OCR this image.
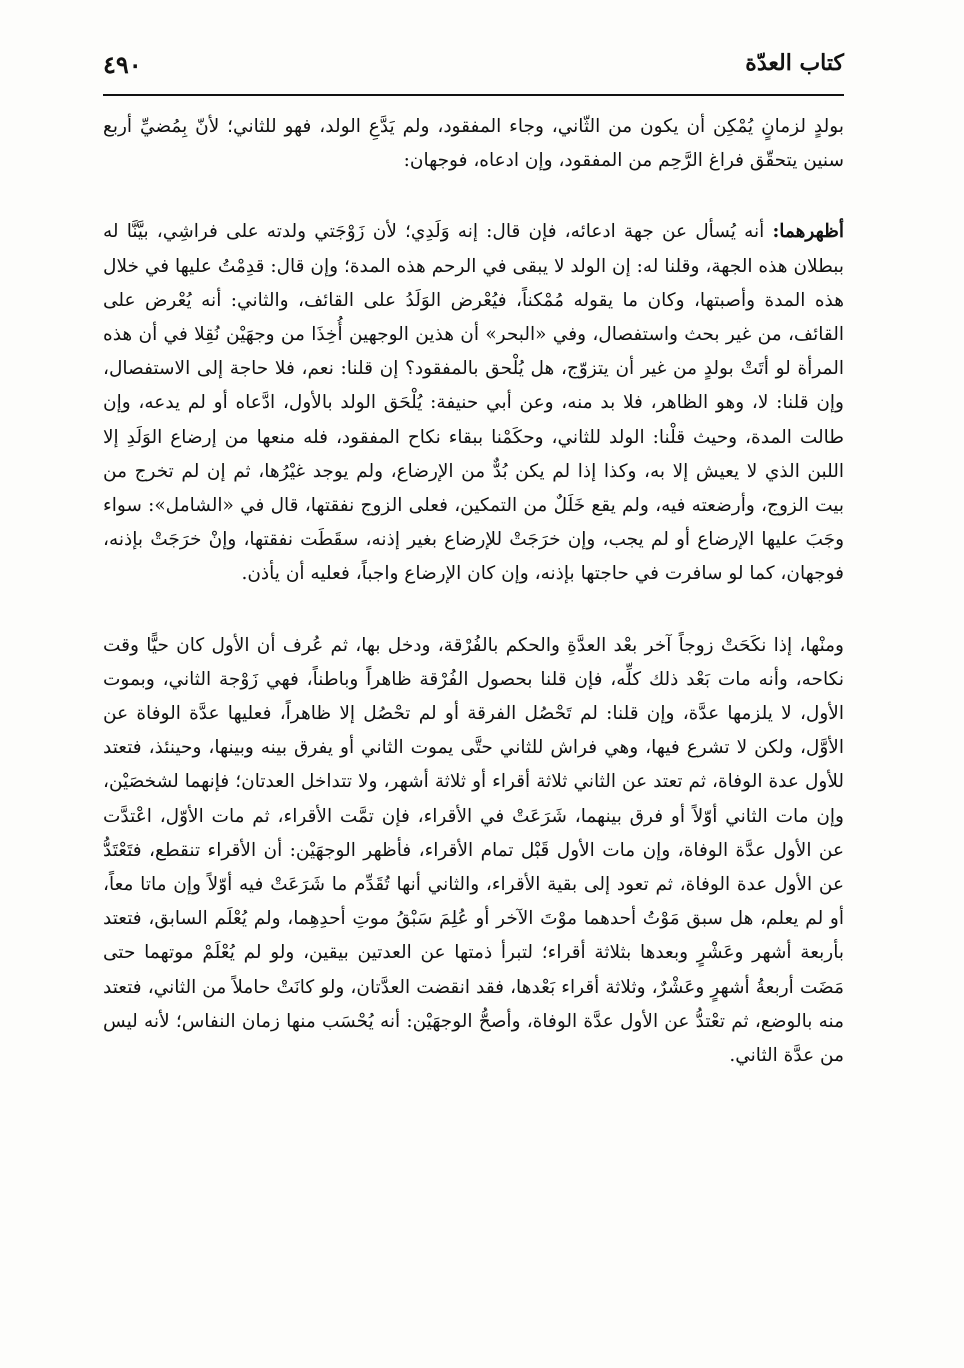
كتاب العدّة
٤٩٠

بولدٍ لزمانٍ يُمْكِن أن يكون من الثّاني، وجاء المفقود، ولم يَدَّعِ الولد، فهو للثاني؛ لأنّ بِمُضيِّ أربع سنين يتحقّق فراغ الرَّحِم من المفقود، وإن ادعاه، فوجهان:

أظهرهما: أنه يُسأل عن جهة ادعائه، فإن قال: إنه وَلَدِي؛ لأن زَوْجَتي ولدته على فراشِي، بيَّنَّا له ببطلان هذه الجهة، وقلنا له: إن الولد لا يبقى في الرحم هذه المدة؛ وإن قال: قدِمْتُ عليها في خلال هذه المدة وأصبتها، وكان ما يقوله مُمْكناً، فيُعْرض الوَلَدُ على القائف، والثاني: أنه يُعْرض على القائف، من غير بحث واستفصال، وفي «البحر» أن هذين الوجهين أُخِذَا من وجهَيْن نُقِلا في أن هذه المرأة لو أتَتْ بولدٍ من غير أن يتزوّج، هل يُلْحق بالمفقود؟ إن قلنا: نعم، فلا حاجة إلى الاستفصال، وإن قلنا: لا، وهو الظاهر، فلا بد منه، وعن أبي حنيفة: يُلْحَق الولد بالأول، ادَّعاه أو لم يدعه، وإن طالت المدة، وحيث قلْنا: الولد للثاني، وحكَمْنا ببقاء نكاح المفقود، فله منعها من إرضاع الوَلَدِ إلا اللبن الذي لا يعيش إلا به، وكذا إذا لم يكن بُدٌّ من الإرضاع، ولم يوجد غيْرُها، ثم إن لم تخرج من بيت الزوج، وأرضعته فيه، ولم يقع خَلَلٌ من التمكين، فعلى الزوج نفقتها، قال في «الشامل»: سواء وجَبَ عليها الإرضاع أو لم يجب، وإن خرَجَتْ للإرضاع بغير إذنه، سقَطَت نفقتها، وإنْ خرَجَتْ بإذنه، فوجهان، كما لو سافرت في حاجتها بإذنه، وإن كان الإرضاع واجباً، فعليه أن يأذن.

ومنْها، إذا نكَحَتْ زوجاً آخر بعْد العدَّةِ والحكم بالفُرْقة، ودخل بها، ثم عُرف أن الأول كان حيًّا وقت نكاحه، وأنه مات بَعْد ذلك كلِّه، فإن قلنا بحصول الفُرْقة ظاهراً وباطناً، فهي زَوْجة الثاني، وبموت الأول، لا يلزمها عدَّة، وإن قلنا: لم تَحْصُل الفرقة أو لم تحْصُل إلا ظاهراً، فعليها عدَّة الوفاة عن الأوَّل، ولكن لا تشرع فيها، وهي فراش للثاني حتَّى يموت الثاني أو يفرق بينه وبينها، وحينئذ، فتعتد للأول عدة الوفاة، ثم تعتد عن الثاني ثلاثة أقراء أو ثلاثة أشهر، ولا تتداخل العدتان؛ فإنهما لشخصَيْن، وإن مات الثاني أوّلاً أو فرق بينهما، شَرَعَتْ في الأقراء، فإن تمَّت الأقراء، ثم مات الأوّل، اعْتدَّت عن الأول عدَّة الوفاة، وإن مات الأول قَبْل تمام الأقراء، فأظهر الوجهَيْن: أن الأقراء تنقطع، فتَعْتَدُّ عن الأول عدة الوفاة، ثم تعود إلى بقية الأقراء، والثاني أنها تُقَدِّم ما شَرَعَتْ فيه أوّلاً وإن ماتا معاً، أو لم يعلم، هل سبق مَوْتُ أحدهما موْتَ الآخر أو عُلِمَ سَبْقُ موتِ أحدِهِما، ولم يُعْلَم السابق، فتعتد بأربعة أشهر وعَشْرٍ وبعدها بثلاثة أقراء؛ لتبرأ ذمتها عن العدتين بيقين، ولو لم يُعْلَمْ موتهما حتى مَضَت أربعةُ أشهرٍ وعَشْرٌ، وثلاثة أقراء بَعْدها، فقد انقضت العدَّتان، ولو كانَتْ حاملاً من الثاني، فتعتد منه بالوضع، ثم تعْتدُّ عن الأول عدَّة الوفاة، وأصحُّ الوجهَيْن: أنه يُحْسَب منها زمان النفاس؛ لأنه ليس من عدَّة الثاني.
